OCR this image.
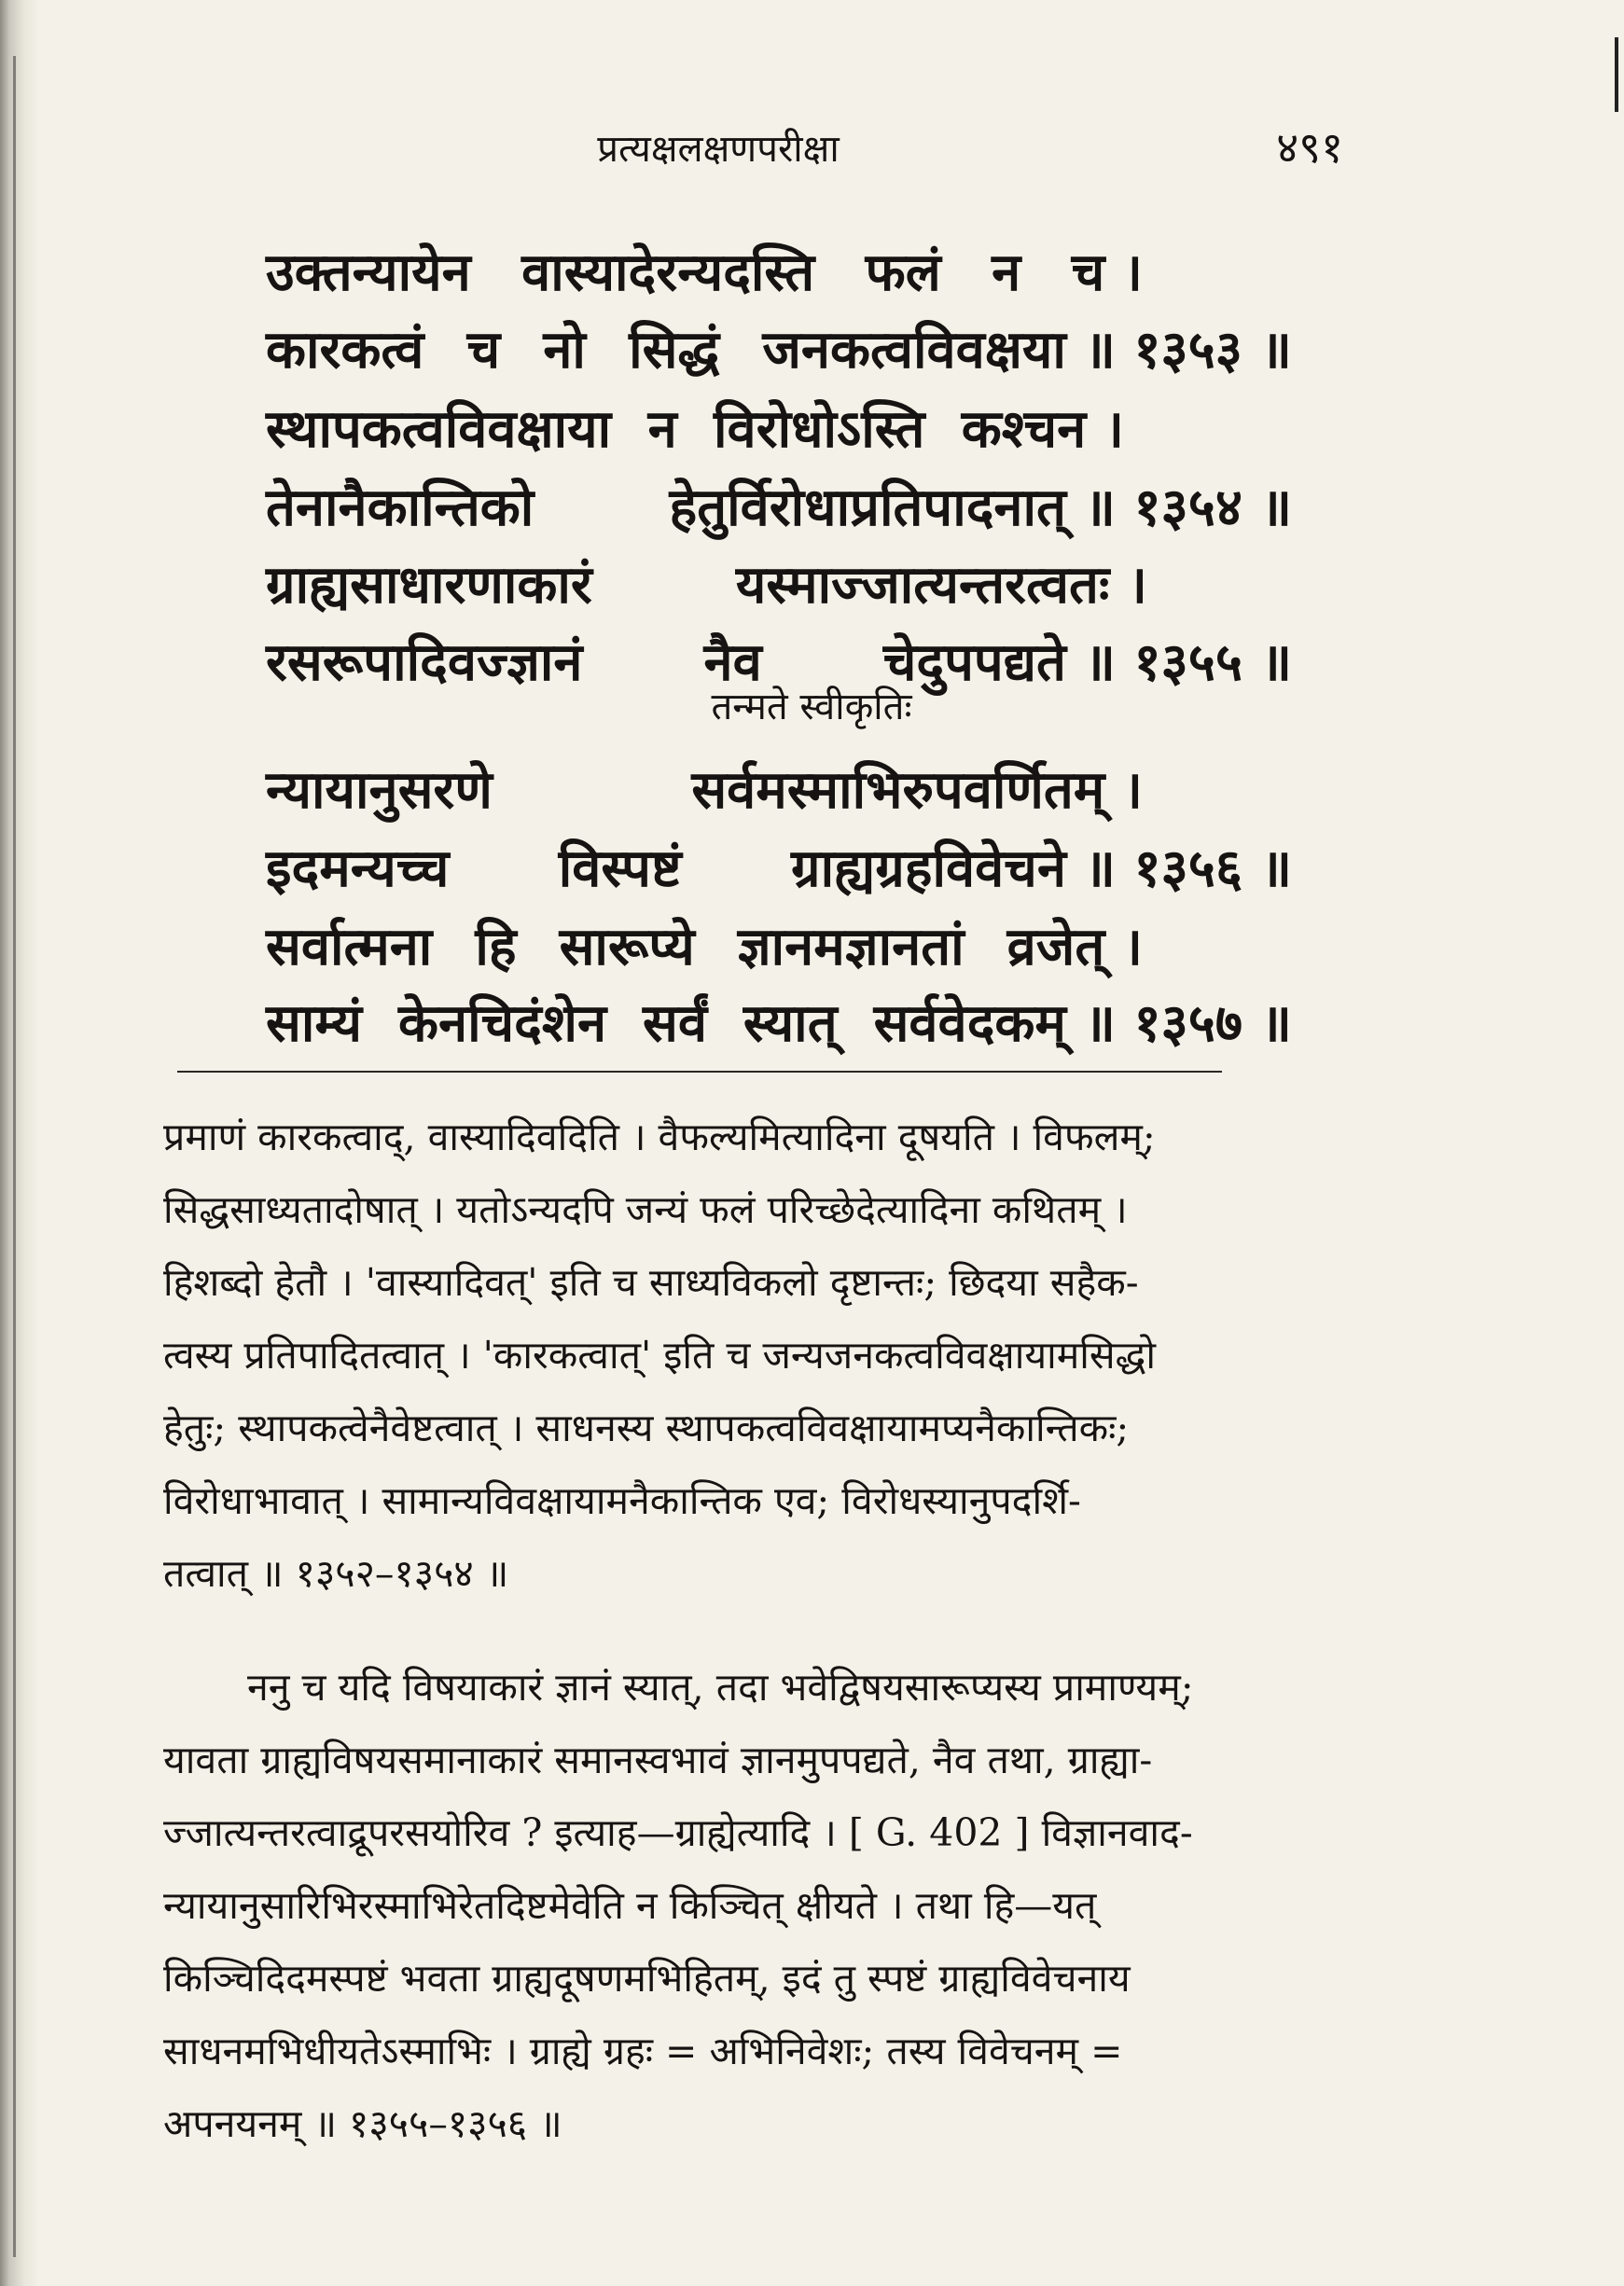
प्रत्यक्षलक्षणपरीक्षा	४९१
उक्तन्यायेन वास्यादेरन्यदस्ति फलं न च ।
कारकत्वं च नो सिद्धं जनकत्वविवक्षया ॥ १३५३ ॥
स्थापकत्वविवक्षाया न विरोधोऽस्ति कश्चन ।
तेनानैकान्तिको	हेतुर्विरोधाप्रतिपादनात् ॥ १३५४ ॥
ग्राह्यसाधारणाकारं	यस्माज्जात्यन्तरत्वतः ।
रसरूपादिवज्ज्ञानं नैव चेदुपपद्यते ॥ १३५५ ॥
तन्मते स्वीकृतिः
न्यायानुसरणे	सर्वमस्माभिरुपवर्णितम् ।
इदमन्यच्च विस्पष्टं ग्राह्यग्रहविवेचने ॥ १३५६ ॥
सर्वात्मना हि सारूप्ये ज्ञानमज्ञानतां व्रजेत् ।
साम्यं केनचिदंशेन सर्वं स्यात् सर्ववेदकम् ॥ १३५७ ॥
प्रमाणं कारकत्वाद्, वास्यादिवदिति । वैफल्यमित्यादिना दूषयति । विफलम्;
सिद्धसाध्यतादोषात् । यतोऽन्यदपि जन्यं फलं परिच्छेदेत्यादिना कथितम् ।
हिशब्दो हेतौ । 'वास्यादिवत्' इति च साध्यविकलो दृष्टान्तः; छिदया सहैक-
त्वस्य प्रतिपादितत्वात् । 'कारकत्वात्' इति च जन्यजनकत्वविवक्षायामसिद्धो
हेतुः; स्थापकत्वेनैवेष्टत्वात् । साधनस्य स्थापकत्वविवक्षायामप्यनैकान्तिकः;
विरोधाभावात् । सामान्यविवक्षायामनैकान्तिक एव; विरोधस्यानुपदर्शि-
तत्वात् ॥ १३५२–१३५४ ॥
ननु च यदि विषयाकारं ज्ञानं स्यात्, तदा भवेद्विषयसारूप्यस्य प्रामाण्यम्;
यावता ग्राह्यविषयसमानाकारं समानस्वभावं ज्ञानमुपपद्यते, नैव तथा, ग्राह्या-
ज्जात्यन्तरत्वाद्रूपरसयोरिव ? इत्याह—ग्राह्येत्यादि । [ G. 402 ] विज्ञानवाद-
न्यायानुसारिभिरस्माभिरेतदिष्टमेवेति न किञ्चित् क्षीयते । तथा हि—यत्
किञ्चिदिदमस्पष्टं भवता ग्राह्यदूषणमभिहितम्, इदं तु स्पष्टं ग्राह्यविवेचनाय
साधनमभिधीयतेऽस्माभिः । ग्राह्ये ग्रहः = अभिनिवेशः; तस्य विवेचनम् =
अपनयनम् ॥ १३५५–१३५६ ॥
